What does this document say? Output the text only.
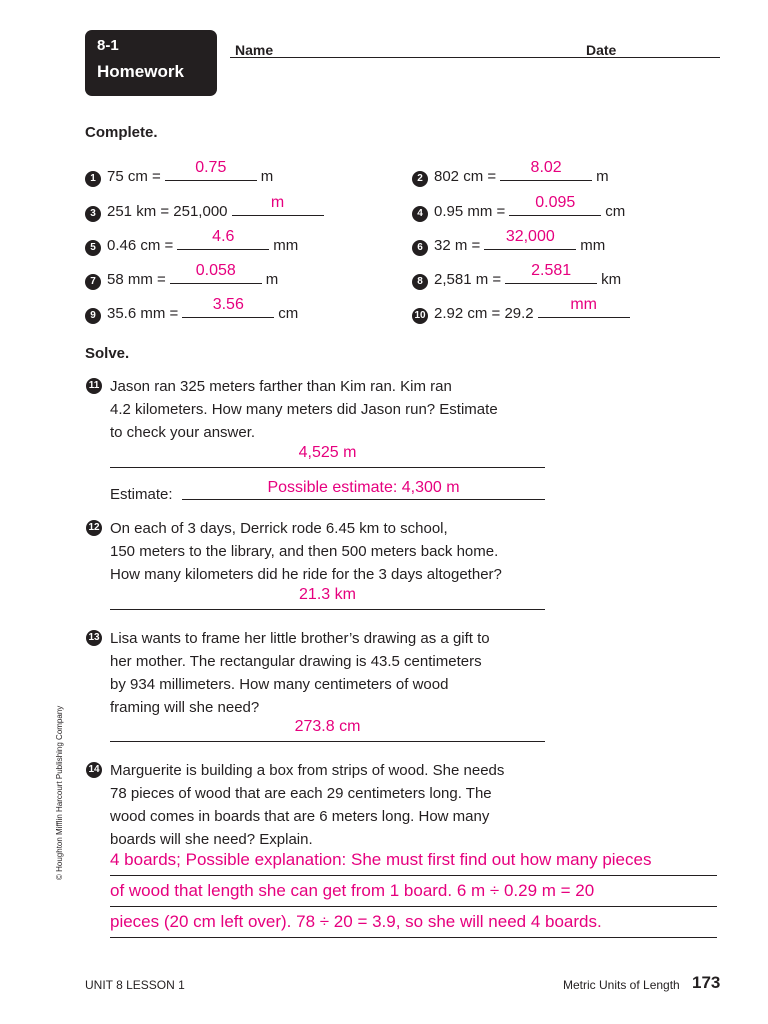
8-1
Homework
Name	Date
Complete.
1 75 cm =
0.75
m
3 251 km = 251,000
m
5 0.46 cm =
4.6
mm
7 58 mm =
0.058
m
9 35.6 mm =
3.56
cm
2 802 cm =
8.02
m
4 0.95 mm =
0.095
cm
6 32 m =
32,000
mm
8 2,581 m =
2.581
km
10 2.92 cm = 29.2
mm
Solve.
11 Jason ran 325 meters farther than Kim ran. Kim ran
4.2 kilometers. How many meters did Jason run? Estimate
to check your answer.
4,525 m
Estimate:	Possible estimate: 4,300 m
12 On each of 3 days, Derrick rode 6.45 km to school,
150 meters to the library, and then 500 meters back home.
How many kilometers did he ride for the 3 days altogether?
21.3 km
13 Lisa wants to frame her little brother’s drawing as a gift to
her mother. The rectangular drawing is 43.5 centimeters
by 934 millimeters. How many centimeters of wood
framing will she need?
273.8 cm
14 Marguerite is building a box from strips of wood. She needs
78 pieces of wood that are each 29 centimeters long. The
wood comes in boards that are 6 meters long. How many
boards will she need? Explain.
4 boards; Possible explanation: She must first find out how many pieces
of wood that length she can get from 1 board. 6 m ÷ 0.29 m = 20
pieces (20 cm left over). 78 ÷ 20 = 3.9, so she will need 4 boards.
© Houghton Mifflin Harcourt Publishing Company
UNIT 8 LESSON 1	Metric Units of Length 173
